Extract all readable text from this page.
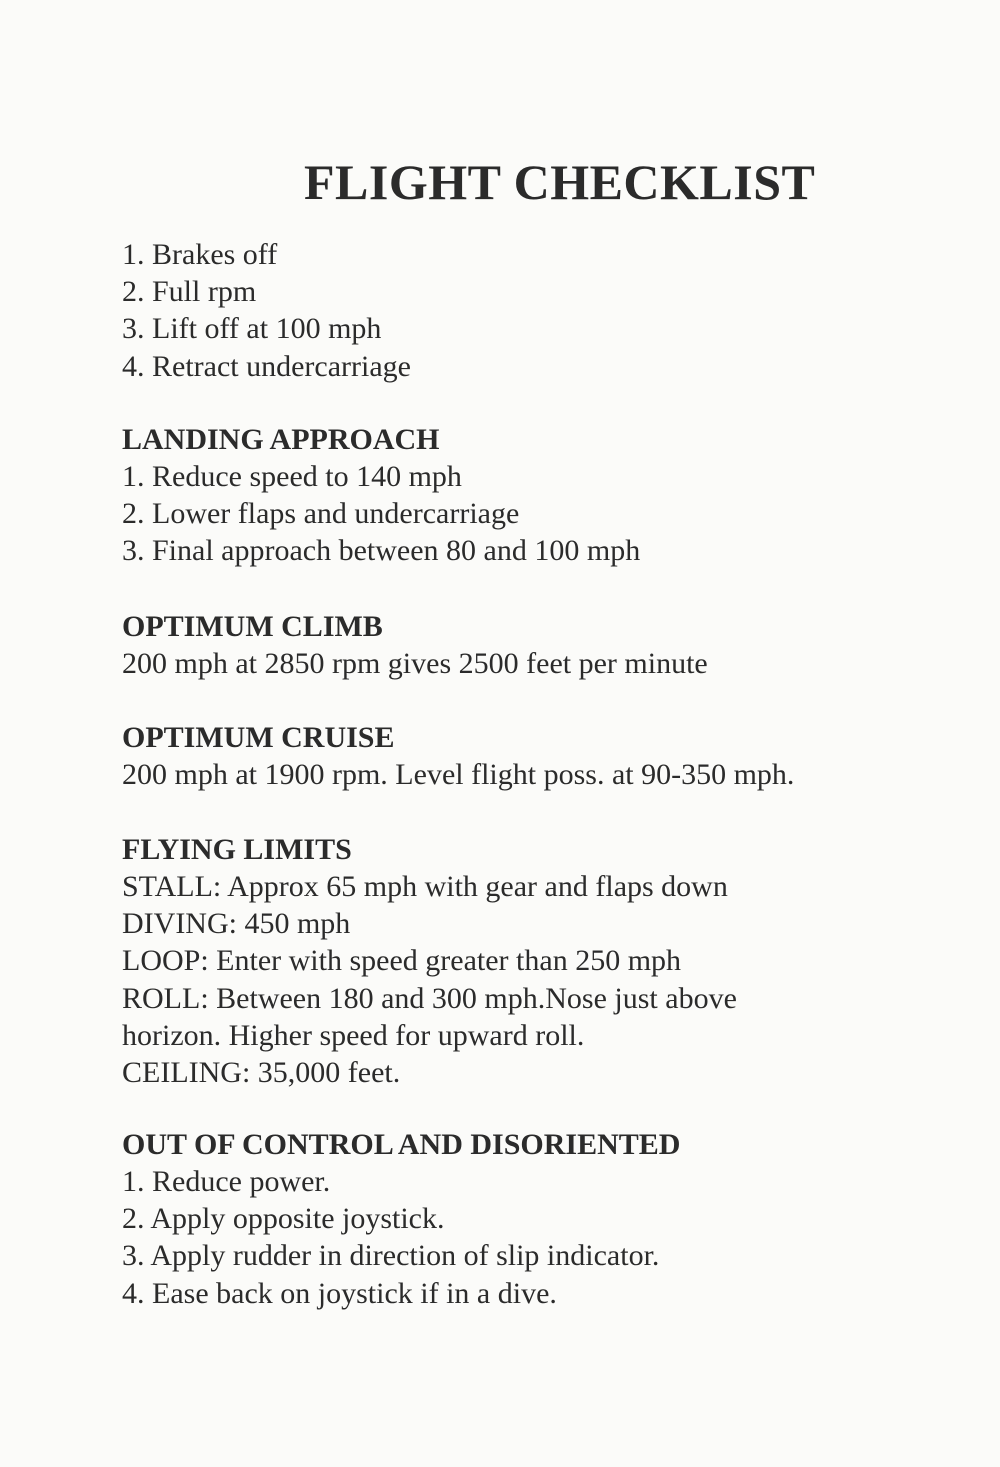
FLIGHT CHECKLIST

1. Brakes off

2. Full rpm

3. Lift off at 100 mph

4. Retract undercarriage

LANDING APPROACH

1. Reduce speed to 140 mph

2. Lower flaps and undercarriage

3. Final approach between 80 and 100 mph

OPTIMUM CLIMB

200 mph at 2850 rpm gives 2500 feet per minute

OPTIMUM CRUISE

200 mph at 1900 rpm. Level flight poss. at 90-350 mph.

FLYING LIMITS

STALL: Approx 65 mph with gear and flaps down

DIVING: 450 mph

LOOP: Enter with speed greater than 250 mph

ROLL: Between 180 and 300 mph.Nose just above

horizon. Higher speed for upward roll.

CEILING: 35,000 feet.

OUT OF CONTROL AND DISORIENTED

1. Reduce power.

2. Apply opposite joystick.

3. Apply rudder in direction of slip indicator.

4. Ease back on joystick if in a dive.
